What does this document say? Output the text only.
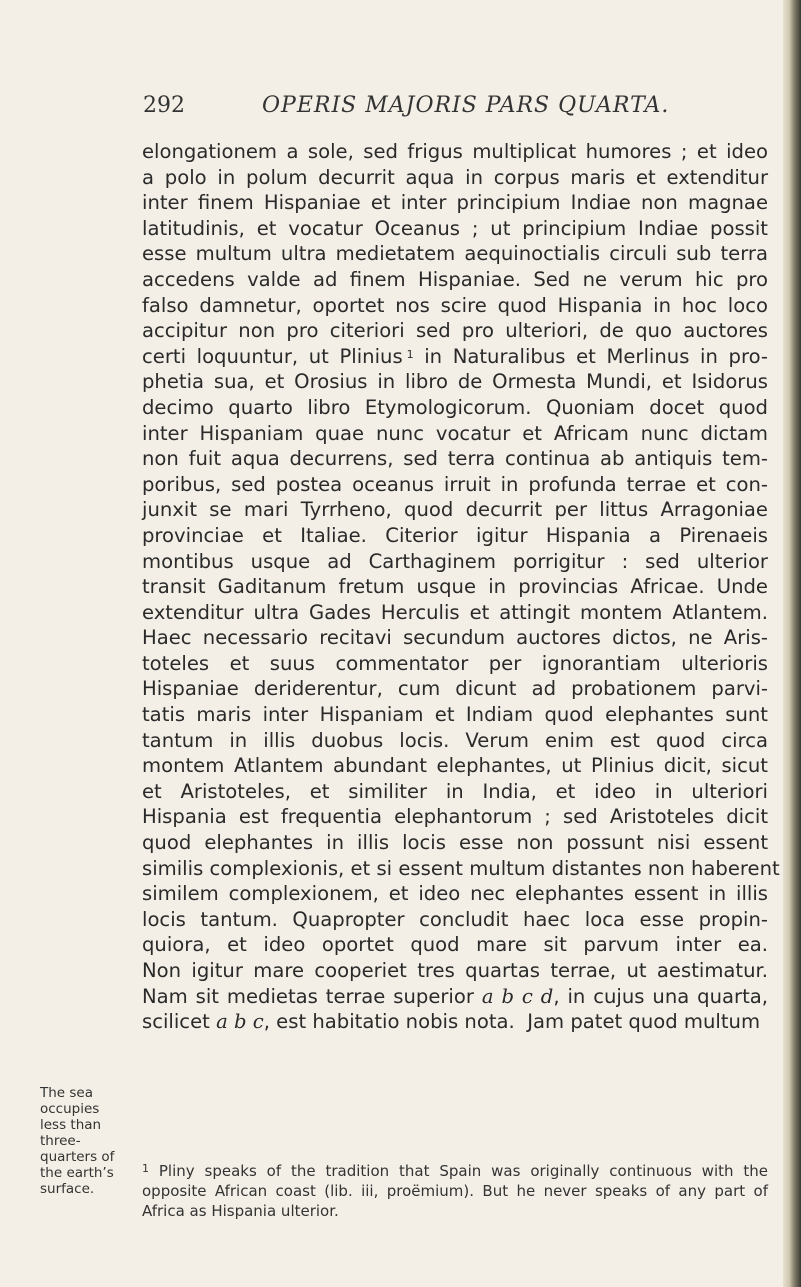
292	OPERIS MAJORIS PARS QUARTA.
elongationem a sole, sed frigus multiplicat humores ; et ideo
a polo in polum decurrit aqua in corpus maris et extenditur
inter finem Hispaniae et inter principium Indiae non magnae
latitudinis, et vocatur Oceanus ; ut principium Indiae possit
esse multum ultra medietatem aequinoctialis circuli sub terra
accedens valde ad finem Hispaniae. Sed ne verum hic pro
falso damnetur, oportet nos scire quod Hispania in hoc loco
accipitur non pro citeriori sed pro ulteriori, de quo auctores
certi loquuntur, ut Plinius  $^1$ in Naturalibus et Merlinus in pro-
phetia sua, et Orosius in libro de Ormesta Mundi, et Isidorus
decimo quarto libro Etymologicorum. Quoniam docet quod
inter Hispaniam quae nunc vocatur et Africam nunc dictam
non fuit aqua decurrens, sed terra continua ab antiquis tem-
poribus, sed postea oceanus irruit in profunda terrae et con-
junxit se mari Tyrrheno, quod decurrit per littus Arragoniae
provinciae et Italiae. Citerior igitur Hispania a Pirenaeis
montibus usque ad Carthaginem porrigitur : sed ulterior
transit Gaditanum fretum usque in provincias Africae. Unde
extenditur ultra Gades Herculis et attingit montem Atlantem.
Haec necessario recitavi secundum auctores dictos, ne Aris-
toteles et suus commentator per ignorantiam ulterioris
Hispaniae deriderentur, cum dicunt ad probationem parvi-
tatis maris inter Hispaniam et Indiam quod elephantes sunt
tantum in illis duobus locis. Verum enim est quod circa
montem Atlantem abundant elephantes, ut Plinius dicit, sicut
et Aristoteles, et similiter in India, et ideo in ulteriori
Hispania est frequentia elephantorum ; sed Aristoteles dicit
quod elephantes in illis locis esse non possunt nisi essent
similis complexionis, et si essent multum distantes non haberent
similem complexionem, et ideo nec elephantes essent in illis
locis tantum. Quapropter concludit haec loca esse propin-
quiora, et ideo oportet quod mare sit parvum inter ea.
Non igitur mare cooperiet tres quartas terrae, ut aestimatur.
Nam sit medietas terrae superior a b c d, in cujus una quarta,
scilicet a b c, est habitatio nobis nota. Jam patet quod multum
The sea
occupies
less than
three-
quarters of
the earth’s
surface.
$^1$ Pliny speaks of the tradition that Spain was originally continuous with the
opposite African coast (lib. iii, proëmium). But he never speaks of any part of
Africa as Hispania ulterior.
